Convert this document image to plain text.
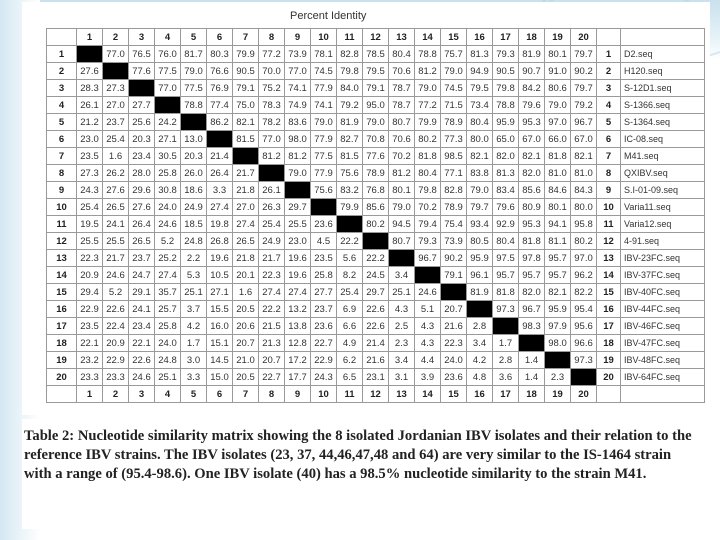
Percent Identity
	1	2	3	4	5	6	7	8	9	10	11	12	13	14	15	16	17	18	19	20		
1		77.0	76.5	76.0	81.7	80.3	79.9	77.2	73.9	78.1	82.8	78.5	80.4	78.8	75.7	81.3	79.3	81.9	80.1	79.7	1	D2.seq
2	27.6		77.6	77.5	79.0	76.6	90.5	70.0	77.0	74.5	79.8	79.5	70.6	81.2	79.0	94.9	90.5	90.7	91.0	90.2	2	H120.seq
3	28.3	27.3		77.0	77.5	76.9	79.1	75.2	74.1	77.9	84.0	79.1	78.7	79.0	74.5	79.5	79.8	84.2	80.6	79.7	3	S-12D1.seq
4	26.1	27.0	27.7		78.8	77.4	75.0	78.3	74.9	74.1	79.2	95.0	78.7	77.2	71.5	73.4	78.8	79.6	79.0	79.2	4	S-1366.seq
5	21.2	23.7	25.6	24.2		86.2	82.1	78.2	83.6	79.0	81.9	79.0	80.7	79.9	78.9	80.4	95.9	95.3	97.0	96.7	5	S-1364.seq
6	23.0	25.4	20.3	27.1	13.0		81.5	77.0	98.0	77.9	82.7	70.8	70.6	80.2	77.3	80.0	65.0	67.0	66.0	67.0	6	IC-08.seq
7	23.5	1.6	23.4	30.5	20.3	21.4		81.2	81.2	77.5	81.5	77.6	70.2	81.8	98.5	82.1	82.0	82.1	81.8	82.1	7	M41.seq
8	27.3	26.2	28.0	25.8	26.0	26.4	21.7		79.0	77.9	75.6	78.9	81.2	80.4	77.1	83.8	81.3	82.0	81.0	81.0	8	QXIBV.seq
9	24.3	27.6	29.6	30.8	18.6	3.3	21.8	26.1		75.6	83.2	76.8	80.1	79.8	82.8	79.0	83.4	85.6	84.6	84.3	9	S.I-01-09.seq
10	25.4	26.5	27.6	24.0	24.9	27.4	27.0	26.3	29.7		79.9	85.6	79.0	70.2	78.9	79.7	79.6	80.9	80.1	80.0	10	Varia11.seq
11	19.5	24.1	26.4	24.6	18.5	19.8	27.4	25.4	25.5	23.6		80.2	94.5	79.4	75.4	93.4	92.9	95.3	94.1	95.8	11	Varia12.seq
12	25.5	25.5	26.5	5.2	24.8	26.8	26.5	24.9	23.0	4.5	22.2		80.7	79.3	73.9	80.5	80.4	81.8	81.1	80.2	12	4-91.seq
13	22.3	21.7	23.7	25.2	2.2	19.6	21.8	21.7	19.6	23.5	5.6	22.2		96.7	90.2	95.9	97.5	97.8	95.7	97.0	13	IBV-23FC.seq
14	20.9	24.6	24.7	27.4	5.3	10.5	20.1	22.3	19.6	25.8	8.2	24.5	3.4		79.1	96.1	95.7	95.7	95.7	96.2	14	IBV-37FC.seq
15	29.4	5.2	29.1	35.7	25.1	27.1	1.6	27.4	27.4	27.7	25.4	29.7	25.1	24.6		81.9	81.8	82.0	82.1	82.2	15	IBV-40FC.seq
16	22.9	22.6	24.1	25.7	3.7	15.5	20.5	22.2	13.2	23.7	6.9	22.6	4.3	5.1	20.7		97.3	96.7	95.9	95.4	16	IBV-44FC.seq
17	23.5	22.4	23.4	25.8	4.2	16.0	20.6	21.5	13.8	23.6	6.6	22.6	2.5	4.3	21.6	2.8		98.3	97.9	95.6	17	IBV-46FC.seq
18	22.1	20.9	22.1	24.0	1.7	15.1	20.7	21.3	12.8	22.7	4.9	21.4	2.3	4.3	22.3	3.4	1.7		98.0	96.6	18	IBV-47FC.seq
19	23.2	22.9	22.6	24.8	3.0	14.5	21.0	20.7	17.2	22.9	6.2	21.6	3.4	4.4	24.0	4.2	2.8	1.4		97.3	19	IBV-48FC.seq
20	23.3	23.3	24.6	25.1	3.3	15.0	20.5	22.7	17.7	24.3	6.5	23.1	3.1	3.9	23.6	4.8	3.6	1.4	2.3		20	IBV-64FC.seq
	1	2	3	4	5	6	7	8	9	10	11	12	13	14	15	16	17	18	19	20		
Table 2: Nucleotide similarity matrix showing the 8 isolated Jordanian IBV isolates and their relation to the reference IBV strains. The IBV isolates (23, 37, 44,46,47,48 and 64) are very similar to the IS-1464 strain with a range of (95.4-98.6). One IBV isolate (40) has a 98.5% nucleotide similarity to the strain M41.
